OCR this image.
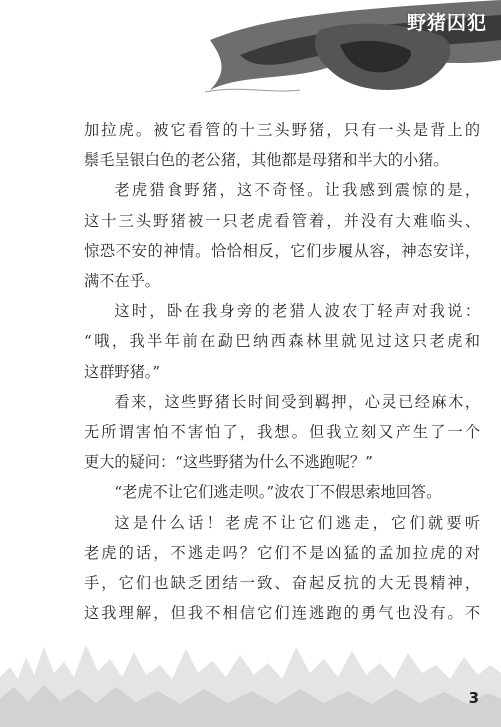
野猪囚犯

加拉虎。被它看管的十三头野猪，只有一头是背上的

鬃毛呈银白色的老公猪，其他都是母猪和半大的小猪。

老虎猎食野猪，这不奇怪。让我感到震惊的是，

这十三头野猪被一只老虎看管着，并没有大难临头、

惊恐不安的神情。恰恰相反，它们步履从容，神态安详，

满不在乎。

这时，卧在我身旁的老猎人波农丁轻声对我说：

“哦，我半年前在勐巴纳西森林里就见过这只老虎和

这群野猪。”

看来，这些野猪长时间受到羁押，心灵已经麻木，

无所谓害怕不害怕了，我想。但我立刻又产生了一个

更大的疑问：“这些野猪为什么不逃跑呢？”

“老虎不让它们逃走呗。”波农丁不假思索地回答。

这是什么话！老虎不让它们逃走，它们就要听

老虎的话，不逃走吗？它们不是凶猛的孟加拉虎的对

手，它们也缺乏团结一致、奋起反抗的大无畏精神，

这我理解，但我不相信它们连逃跑的勇气也没有。不

3
